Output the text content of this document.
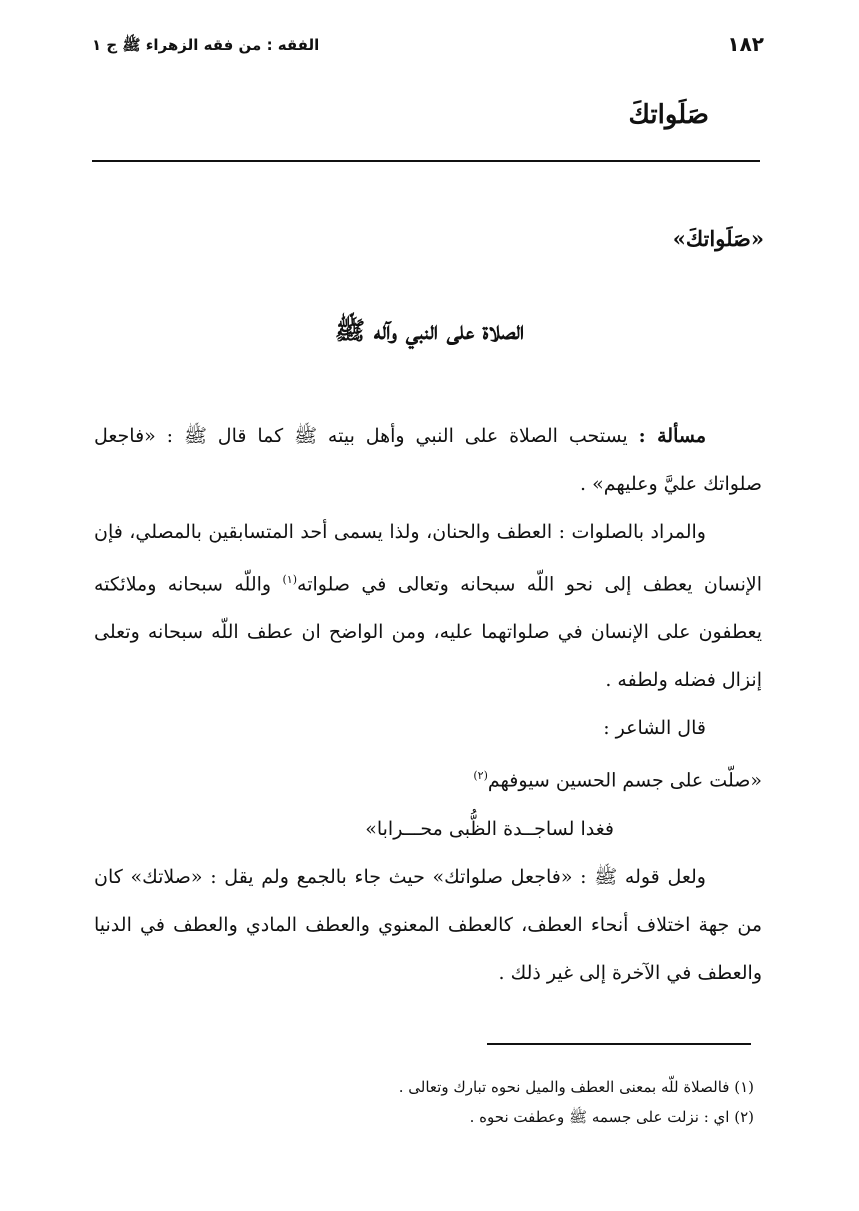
١٨٢
الفقه : من فقه الزهراء ﷺ ج ١
صَلَواتكَ
«صَلَواتكَ»
الصلاة على النبي وآله ﷺ

مسألة : يستحب الصلاة على النبي وأهل بيته ﷺ كما قال ﷺ : «فاجعل صلواتك عليَّ وعليهم» .

والمراد بالصلوات : العطف والحنان، ولذا يسمى أحد المتسابقين بالمصلي، فإن الإنسان يعطف إلى نحو اللّه سبحانه وتعالى في صلواته$^{(١)}$ واللّه سبحانه وملائكته يعطفون على الإنسان في صلواتهما عليه، ومن الواضح ان عطف اللّه سبحانه وتعلى إنزال فضله ولطفه .

قال الشاعر :

«صلّت على جسم الحسين سيوفهم$^{(٢)}$

فغدا لساجــدة الظُّبى محـــرابا»

ولعل قوله ﷺ : «فاجعل صلواتك» حيث جاء بالجمع ولم يقل : «صلاتك» كان من جهة اختلاف أنحاء العطف، كالعطف المعنوي والعطف المادي والعطف في الدنيا والعطف في الآخرة إلى غير ذلك .

(١) فالصلاة للّه بمعنى العطف والميل نحوه تبارك وتعالى .

(٢) اي : نزلت على جسمه ﷺ وعطفت نحوه .
